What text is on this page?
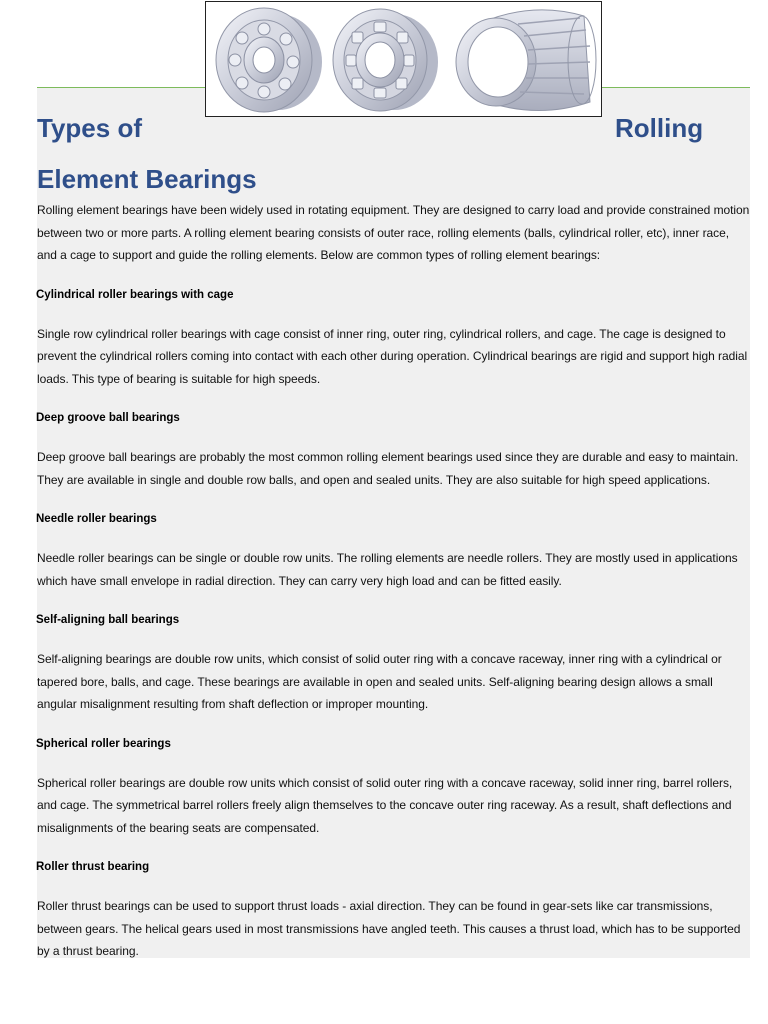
Types of	Rolling
Element Bearings

Rolling element bearings have been widely used in rotating equipment. They are designed to carry load and provide constrained motion between two or more parts. A rolling element bearing consists of outer race, rolling elements (balls, cylindrical roller, etc), inner race, and a cage to support and guide the rolling elements. Below are common types of rolling element bearings:

Cylindrical roller bearings with cage

Single row cylindrical roller bearings with cage consist of inner ring, outer ring, cylindrical rollers, and cage. The cage is designed to prevent the cylindrical rollers coming into contact with each other during operation. Cylindrical bearings are rigid and support high radial loads. This type of bearing is suitable for high speeds.

Deep groove ball bearings

Deep groove ball bearings are probably the most common rolling element bearings used since they are durable and easy to maintain. They are available in single and double row balls, and open and sealed units. They are also suitable for high speed applications.

Needle roller bearings

Needle roller bearings can be single or double row units. The rolling elements are needle rollers. They are mostly used in applications which have small envelope in radial direction. They can carry very high load and can be fitted easily.

Self-aligning ball bearings

Self-aligning bearings are double row units, which consist of solid outer ring with a concave raceway, inner ring with a cylindrical or tapered bore, balls, and cage. These bearings are available in open and sealed units. Self-aligning bearing design allows a small angular misalignment resulting from shaft deflection or improper mounting.

Spherical roller bearings

Spherical roller bearings are double row units which consist of solid outer ring with a concave raceway, solid inner ring, barrel rollers, and cage. The symmetrical barrel rollers freely align themselves to the concave outer ring raceway. As a result, shaft deflections and misalignments of the bearing seats are compensated.

Roller thrust bearing

Roller thrust bearings can be used to support thrust loads - axial direction. They can be found in gear-sets like car transmissions, between gears. The helical gears used in most transmissions have angled teeth. This causes a thrust load, which has to be supported by a thrust bearing.
